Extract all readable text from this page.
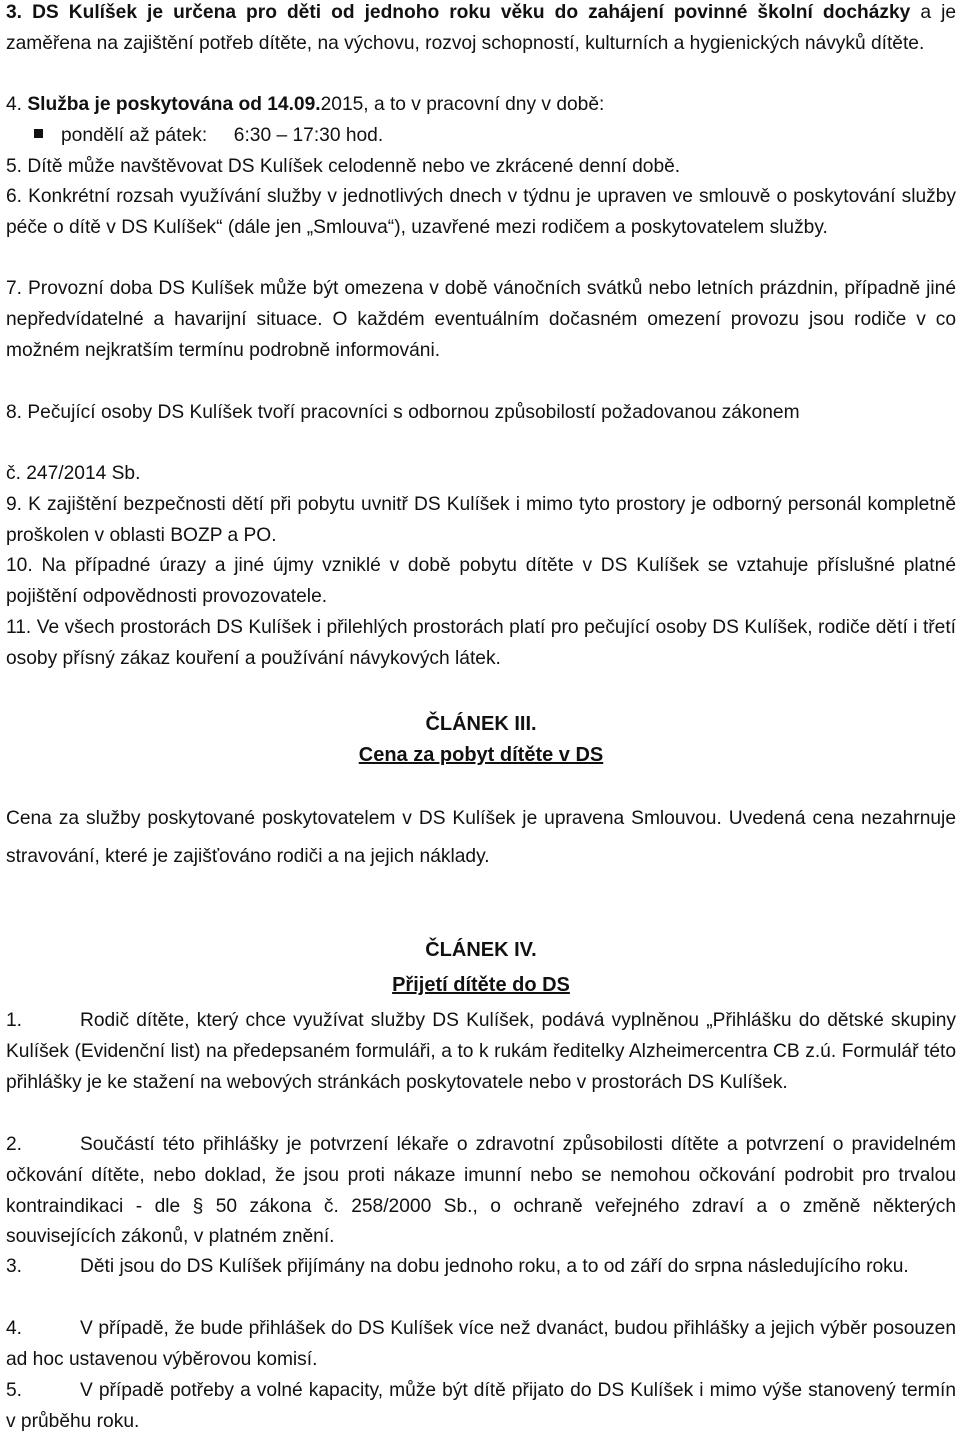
3. DS Kulíšek je určena pro děti od jednoho roku věku do zahájení povinné školní docházky a je zaměřena na zajištění potřeb dítěte, na výchovu, rozvoj schopností, kulturních a hygienických návyků dítěte.

4. Služba je poskytována od 14.09.2015, a to v pracovní dny v době:

pondělí až pátek:     6:30 – 17:30 hod.

5. Dítě může navštěvovat DS Kulíšek celodenně nebo ve zkrácené denní době.

6. Konkrétní rozsah využívání služby v jednotlivých dnech v týdnu je upraven ve smlouvě o poskytování služby péče o dítě v DS Kulíšek“ (dále jen „Smlouva“), uzavřené mezi rodičem a poskytovatelem služby.

7. Provozní doba DS Kulíšek může být omezena v době vánočních svátků nebo letních prázdnin, případně jiné nepředvídatelné a havarijní situace. O každém eventuálním dočasném omezení provozu jsou rodiče v co možném nejkratším termínu podrobně informováni.

8. Pečující osoby DS Kulíšek tvoří pracovníci s odbornou způsobilostí požadovanou zákonem

č. 247/2014 Sb.

9. K zajištění bezpečnosti dětí při pobytu uvnitř DS Kulíšek i mimo tyto prostory je odborný personál kompletně proškolen v oblasti BOZP a PO.

10. Na případné úrazy a jiné újmy vzniklé v době pobytu dítěte v DS Kulíšek se vztahuje příslušné platné pojištění odpovědnosti provozovatele.

11. Ve všech prostorách DS Kulíšek i přilehlých prostorách platí pro pečující osoby DS Kulíšek, rodiče dětí i třetí osoby přísný zákaz kouření a používání návykových látek.

ČLÁNEK III.

Cena za pobyt dítěte v DS

Cena za služby poskytované poskytovatelem v DS Kulíšek je upravena Smlouvou. Uvedená cena nezahrnuje stravování, které je zajišťováno rodiči a na jejich náklady.

ČLÁNEK IV.

Přijetí dítěte do DS

1.	Rodič dítěte, který chce využívat služby DS Kulíšek, podává vyplněnou „Přihlášku do dětské skupiny Kulíšek (Evidenční list) na předepsaném formuláři, a to k rukám ředitelky Alzheimercentra CB z.ú. Formulář této přihlášky je ke stažení na webových stránkách poskytovatele nebo v prostorách DS Kulíšek.

2.	Součástí této přihlášky je potvrzení lékaře o zdravotní způsobilosti dítěte a potvrzení o pravidelném očkování dítěte, nebo doklad, že jsou proti nákaze imunní nebo se nemohou očkování podrobit pro trvalou kontraindikaci - dle § 50 zákona č. 258/2000 Sb., o ochraně veřejného zdraví a o změně některých souvisejících zákonů, v platném znění.

3.	Děti jsou do DS Kulíšek přijímány na dobu jednoho roku, a to od září do srpna následujícího roku.

4.	V případě, že bude přihlášek do DS Kulíšek více než dvanáct, budou přihlášky a jejich výběr posouzen ad hoc ustavenou výběrovou komisí.

5.	V případě potřeby a volné kapacity, může být dítě přijato do DS Kulíšek i mimo výše stanovený termín v průběhu roku.
